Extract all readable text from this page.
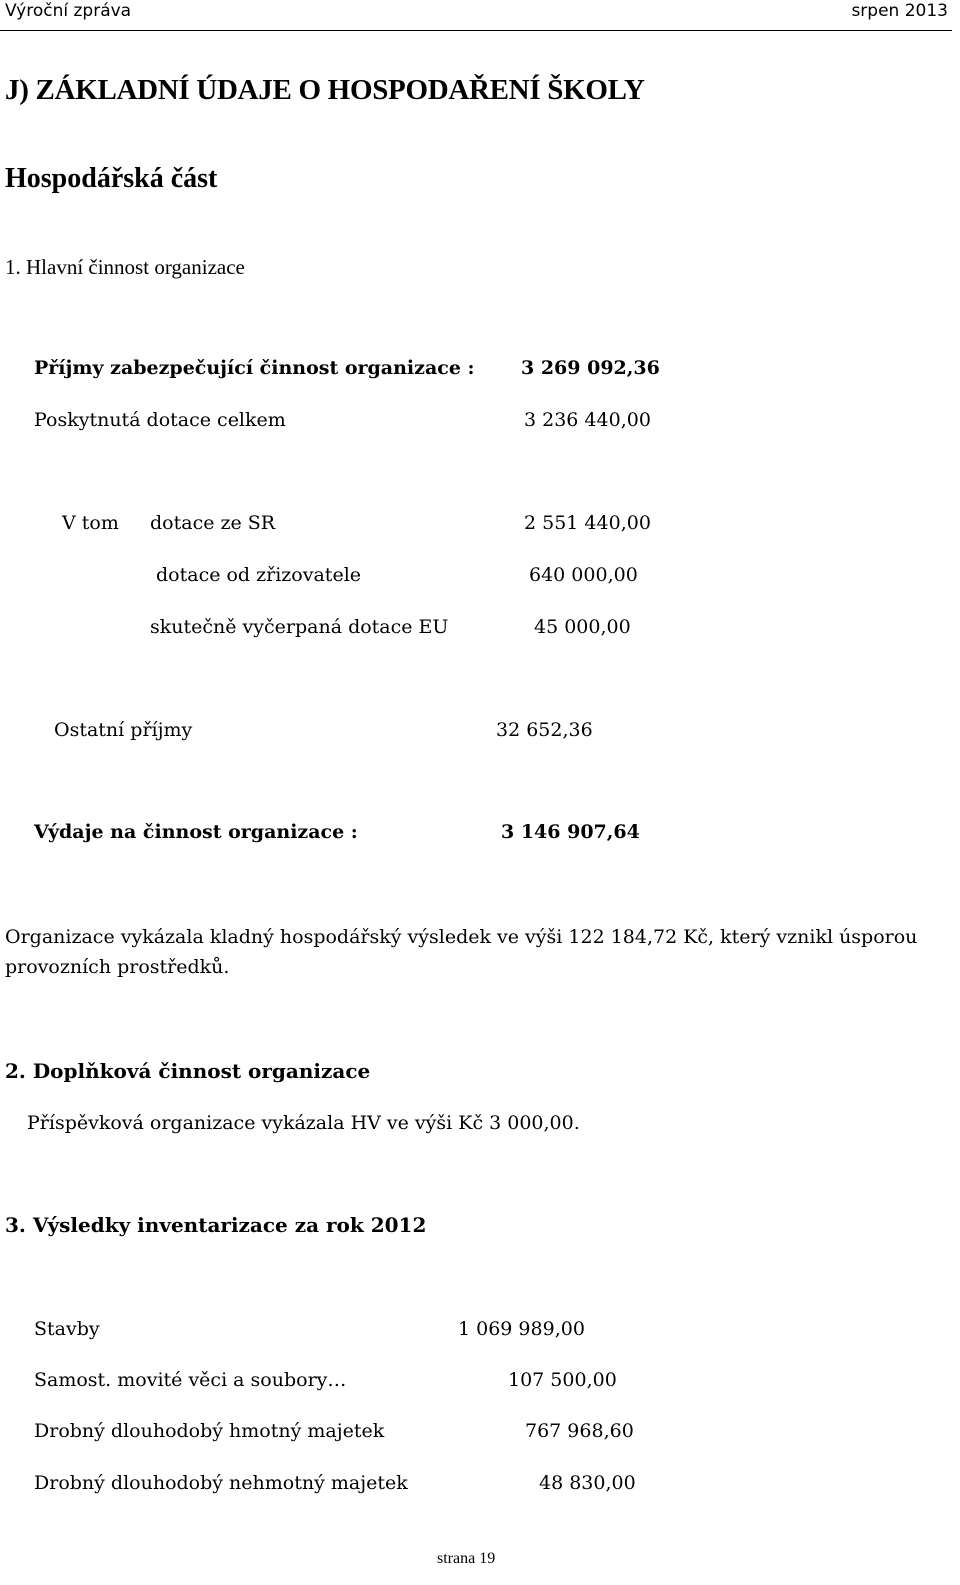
Výroční zpráva	srpen 2013
J) ZÁKLADNÍ ÚDAJE O HOSPODAŘENÍ ŠKOLY
Hospodářská část
1. Hlavní činnost organizace
Příjmy zabezpečující činnost organizace : 3 269 092,36
Poskytnutá dotace celkem	3 236 440,00
V tom dotace ze SR	2 551 440,00
dotace od zřizovatele	640 000,00
skutečně vyčerpaná dotace EU	45 000,00
Ostatní příjmy	32 652,36
Výdaje na činnost organizace :	3 146 907,64
Organizace vykázala kladný hospodářský výsledek ve výši 122 184,72 Kč, který vznikl úsporou provozních prostředků.
2. Doplňková činnost organizace
Příspěvková organizace vykázala HV ve výši Kč 3 000,00.
3. Výsledky inventarizace za rok 2012
Stavby	1 069 989,00
Samost. movité věci a soubory…	107 500,00
Drobný dlouhodobý hmotný majetek	767 968,60
Drobný dlouhodobý nehmotný majetek	48 830,00
strana 19
